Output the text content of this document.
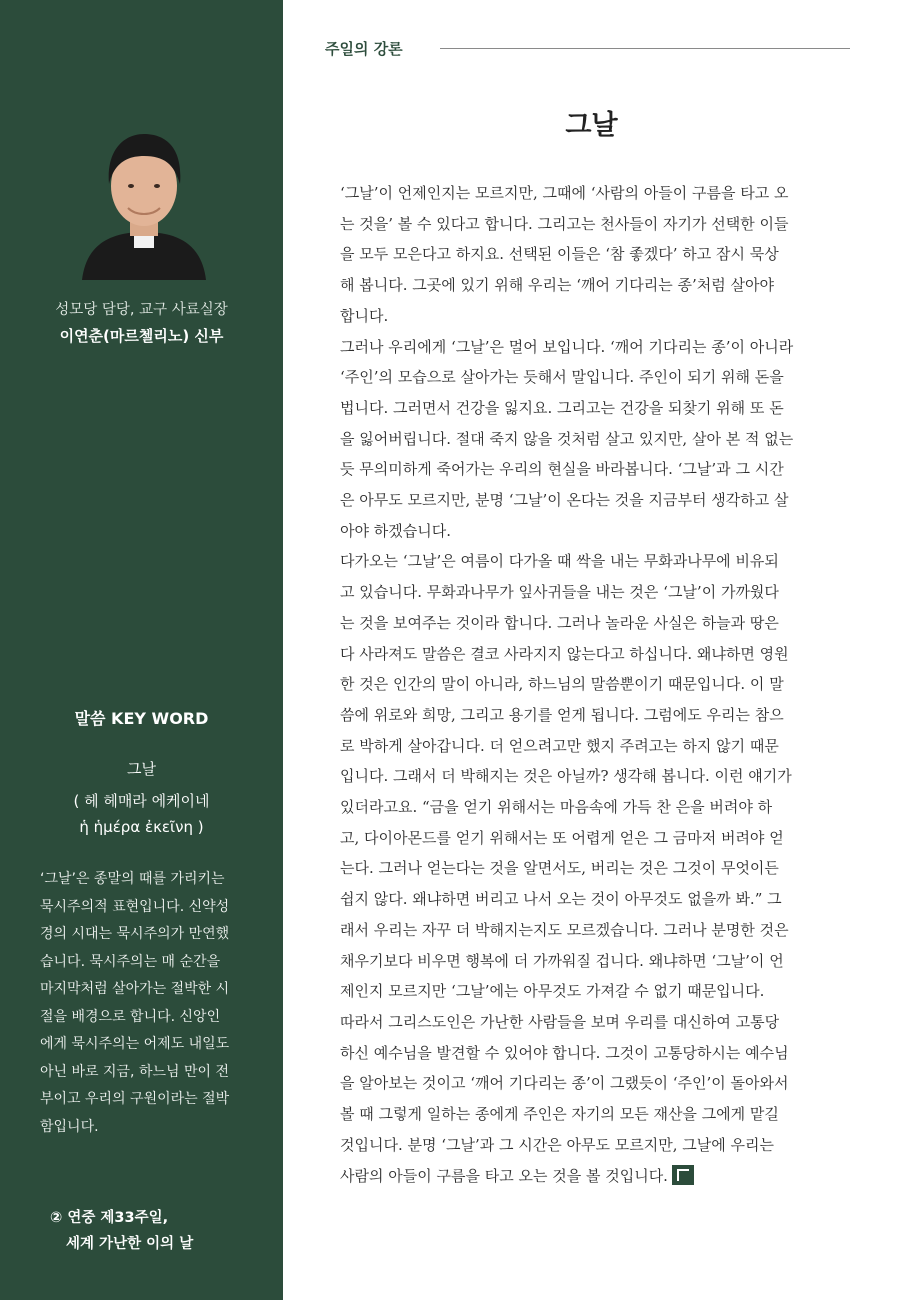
성모당 담당, 교구 사료실장
이연춘(마르첼리노) 신부
말씀 KEY WORD
그날
( 헤 헤매라 에케이네
ἡ ἡμέρα ἐκεῖνη )
‘그날’은 종말의 때를 가리키는
묵시주의적 표현입니다. 신약성
경의 시대는 묵시주의가 만연했
습니다. 묵시주의는 매 순간을
마지막처럼 살아가는 절박한 시
절을 배경으로 합니다. 신앙인
에게 묵시주의는 어제도 내일도
아닌 바로 지금, 하느님 만이 전
부이고 우리의 구원이라는 절박
함입니다.
② 연중 제33주일,
세계 가난한 이의 날
주일의 강론
그날
‘그날’이 언제인지는 모르지만, 그때에 ‘사람의 아들이 구름을 타고 오
는 것을’ 볼 수 있다고 합니다. 그리고는 천사들이 자기가 선택한 이들
을 모두 모은다고 하지요. 선택된 이들은 ‘참 좋겠다’ 하고 잠시 묵상
해 봅니다. 그곳에 있기 위해 우리는 ‘깨어 기다리는 종’처럼 살아야
합니다.
그러나 우리에게 ‘그날’은 멀어 보입니다. ‘깨어 기다리는 종’이 아니라
‘주인’의 모습으로 살아가는 듯해서 말입니다. 주인이 되기 위해 돈을
법니다. 그러면서 건강을 잃지요. 그리고는 건강을 되찾기 위해 또 돈
을 잃어버립니다. 절대 죽지 않을 것처럼 살고 있지만, 살아 본 적 없는
듯 무의미하게 죽어가는 우리의 현실을 바라봅니다. ‘그날’과 그 시간
은 아무도 모르지만, 분명 ‘그날’이 온다는 것을 지금부터 생각하고 살
아야 하겠습니다.
다가오는 ‘그날’은 여름이 다가올 때 싹을 내는 무화과나무에 비유되
고 있습니다. 무화과나무가 잎사귀들을 내는 것은 ‘그날’이 가까웠다
는 것을 보여주는 것이라 합니다. 그러나 놀라운 사실은 하늘과 땅은
다 사라져도 말씀은 결코 사라지지 않는다고 하십니다. 왜냐하면 영원
한 것은 인간의 말이 아니라, 하느님의 말씀뿐이기 때문입니다. 이 말
씀에 위로와 희망, 그리고 용기를 얻게 됩니다. 그럼에도 우리는 참으
로 박하게 살아갑니다. 더 얻으려고만 했지 주려고는 하지 않기 때문
입니다. 그래서 더 박해지는 것은 아닐까? 생각해 봅니다. 이런 얘기가
있더라고요. “금을 얻기 위해서는 마음속에 가득 찬 은을 버려야 하
고, 다이아몬드를 얻기 위해서는 또 어렵게 얻은 그 금마저 버려야 얻
는다. 그러나 얻는다는 것을 알면서도, 버리는 것은 그것이 무엇이든
쉽지 않다. 왜냐하면 버리고 나서 오는 것이 아무것도 없을까 봐.” 그
래서 우리는 자꾸 더 박해지는지도 모르겠습니다. 그러나 분명한 것은
채우기보다 비우면 행복에 더 가까워질 겁니다. 왜냐하면 ‘그날’이 언
제인지 모르지만 ‘그날’에는 아무것도 가져갈 수 없기 때문입니다.
따라서 그리스도인은 가난한 사람들을 보며 우리를 대신하여 고통당
하신 예수님을 발견할 수 있어야 합니다. 그것이 고통당하시는 예수님
을 알아보는 것이고 ‘깨어 기다리는 종’이 그랬듯이 ‘주인’이 돌아와서
볼 때 그렇게 일하는 종에게 주인은 자기의 모든 재산을 그에게 맡길
것입니다. 분명 ‘그날’과 그 시간은 아무도 모르지만, 그날에 우리는
사람의 아들이 구름을 타고 오는 것을 볼 것입니다.
